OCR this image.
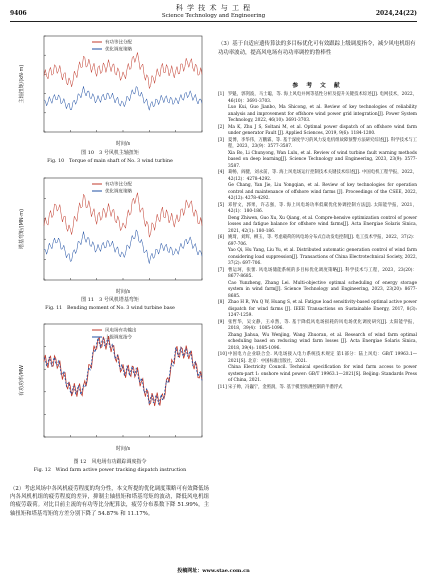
9406
科 学 技 术 与 工 程
Science Technology and Engineering	2024,24(22)
有功等比分配
优化调度策略
时间/s
主轴扭矩/(kN·m)
图 10　3 号风机主轴扭矩
Fig. 10　Torque of main shaft of No. 3 wind turbine
有功等比分配
优化调度策略
时间/s
塔基弯矩/(MN·m)
图 11　3 号风机塔基弯矩
Fig. 11　Bending moment of No. 3 wind turbine base
风电场有功输出
上级调度指令
时间/s
有功功率/MW
图 12　风电场有功跟踪调度指令
Fig. 12　Wind farm active power tracking dispatch instruction
（2）考虑风场中各风机疲劳程度的均分性，本文所提的优化调度策略可有效降低场内各风机机组的疲劳程度的差异，抑制主轴扭矩和塔基弯矩的波动，降低风电机组的疲劳载荷。对比目前主流的有功等比分配算法，疲劳分布系数下降 51.99%，主轴扭矩和塔基弯矩的方差分别下降了 54.87% 和 11.17%。
（3）基于自适应遗传算法的多目标优化可有效跟踪上级调度指令，减少风电机组有功功率波动，提高风电场有功功率调控的鲁棒性
参 考 文 献
[1] 罗魁，郭剑波，马士聪，等. 海上风电并网等基性分析及提升关键技术综述[J]. 电网技术，2022，46(10)：3691-3703.
Luo Kui, Guo Jianbo, Ma Shicong, et al. Review of key technologies of reliability analysis and improvement for offshore wind power grid integration[J]. Power System Technology, 2022, 46(10): 3691-3703.
[2] Ma K, Zhu J S, Soltani M, et al. Optimal power dispatch of an offshore wind farm under generator Fault [J]. Applied Sciences, 2019, 9(6): 1184-1200.
[3] 夏博，李华伟，万鹏霖，等. 基于深度学习的风力发电机组故障预警方法研究综述[J]. 科学技术与工程，2023，23(9)：3577-3587.
Xia Bo, Li Chunyong, Wan Lulu, et al. Review of wind turbine fault warning methods based on deep learning[J]. Science Technology and Engineering, 2023, 23(9): 3577-3587.
[4] 葛畅，阎健，刘永前，等. 海上风电场运行控制技术关键技术综述[J]. 中国电机工程学报，2022，42(12)：4278-4292.
Ge Chang, Yan Jie, Liu Yongqian, et al. Review of key technologies for operation control and maintenance of offshore wind farms [J]. Proceedings of the CSEE, 2022, 42(12): 4278-4292.
[5] 邓智文，郭果，许志强，等. 海上风电场功率低碳优化协调控制方法[J]. 太阳能学报，2021，42(1)：180-186.
Deng Zhiwen, Guo Xu, Xu Qiang, et al. Compre-hensive optimization control of power losses and fatigue balance for offshore wind farms[J]. Acta Energiae Solaris Sinica, 2021, 42(1): 180-186.
[6] 姚琦，刘辉，柳玉，等. 考虑载荷的风电场分布式自动发电控制[J]. 电工技术学报，2022，37(2)：697-706.
Yao Qi, Hu Yang, Liu Yu, et al. Distributed automatic generation control of wind farm considering load suppression[J]. Transactions of China Electrotechnical Society, 2022, 37(2): 697-706.
[7] 曹运珂，张蕾. 风电场储能系统的多目标优化调度策略[J]. 科学技术与工程，2023，23(20)：8677-8685.
Cao Yunzheng, Zhang Lei. Multi-objective optimal scheduling of energy storage system in wind farm[J]. Science Technology and Engineering, 2023, 23(20): 8677-8685.
[8] Zhao H R, Wu Q W, Huang S, et al. Fatigue load sensitivity-based optimal active power dispatch for wind farms [J]. IEEE Transactions on Sustainable Energy, 2017, 8(3): 1247-1259.
[9] 张哲华，吴文静，王卓然，等. 基于降低风电场损耗的风电场优化调度研究[J]. 太阳能学报，2018，39(4)：1085-1096.
Zhang Jiahua, Wu Wenjing, Wang Zhuoran, et al. Research of wind farm optimal scheduling based on reducing wind farm losses [J]. Acta Energiae Solaris Sinica, 2018, 39(4): 1085-1096.
[10] 中国电力企业联合会. 风电场接入电力系统技术规定 第1部分：陆上风电：GB/T 19963.1—2021[S]. 北京：中国标准出版社，2021.
China Electricity Council. Technical specification for wind farm access to power system-part 1: onshore wind power: GB/T 19963.1—2021[S]. Beijing: Standards Press of China, 2021.
[11] 宋子帅，冯巍宁，金照润，等. 基于模型预测控制的半潜浮式
投稿网址：www.stae.com.cn
